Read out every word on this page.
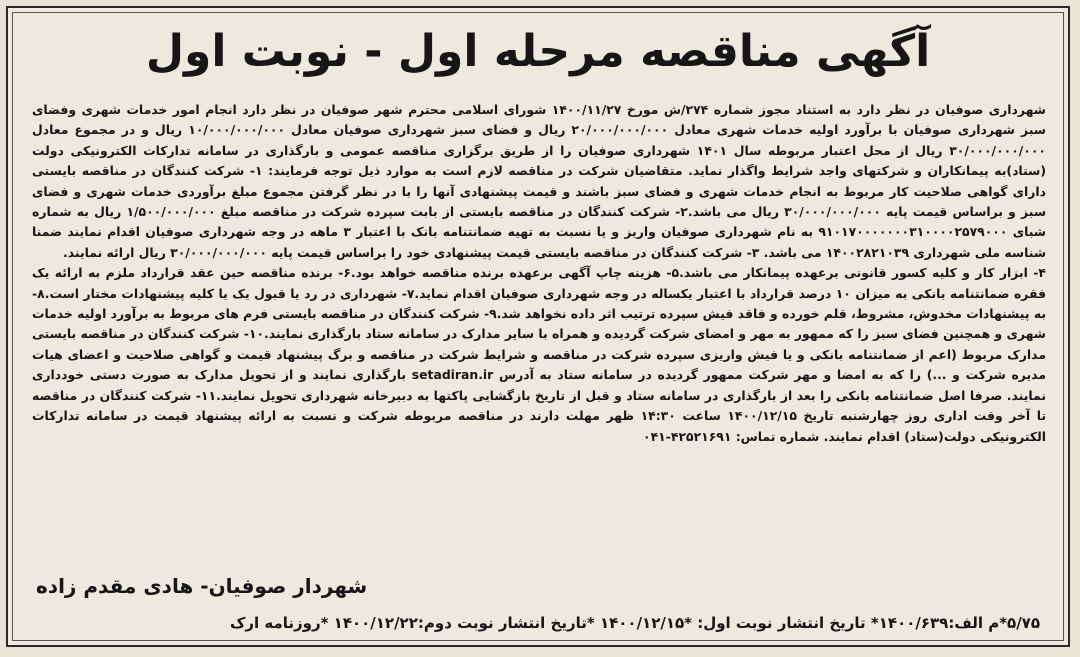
آگهی مناقصه مرحله اول - نوبت اول

شهرداری صوفیان در نظر دارد به استناد مجوز شماره ۲۷۴/ش مورخ ۱۴۰۰/۱۱/۲۷ شورای اسلامی محترم شهر صوفیان در نظر دارد انجام امور خدمات شهری وفضای سبز شهرداری صوفیان با برآورد اولیه خدمات شهری معادل ۲۰/۰۰۰/۰۰۰/۰۰۰ ریال و فضای سبز شهرداری صوفیان معادل ۱۰/۰۰۰/۰۰۰/۰۰۰ ریال و در مجموع معادل ۳۰/۰۰۰/۰۰۰/۰۰۰ ریال از محل اعتبار مربوطه سال ۱۴۰۱ شهرداری صوفیان را از طریق برگزاری مناقصه عمومی و بارگذاری در سامانه تدارکات الکترونیکی دولت (ستاد)به پیمانکاران و شرکتهای واجد شرایط واگذار نماید. متقاضیان شرکت در مناقصه لازم است به موارد ذیل توجه فرمایند: ۱- شرکت کنندگان در مناقصه بایستی دارای گواهی صلاحیت کار مربوط به انجام خدمات شهری و فضای سبز باشند و قیمت پیشنهادی آنها را با در نظر گرفتن مجموع مبلغ برآوردی خدمات شهری و فضای سبز و براساس قیمت پایه ۳۰/۰۰۰/۰۰۰/۰۰۰ ریال می باشد.۲- شرکت کنندگان در مناقصه بایستی از بابت سپرده شرکت در مناقصه مبلغ ۱/۵۰۰/۰۰۰/۰۰۰ ریال به شماره شبای ۹۱۰۱۷۰۰۰۰۰۰۰۳۱۰۰۰۰۲۵۷۹۰۰۰ به نام شهرداری صوفیان واریز و یا نسبت به تهیه ضمانتنامه بانک با اعتبار ۳ ماهه در وجه شهرداری صوفیان اقدام نمایند ضمنا شناسه ملی شهرداری ۱۴۰۰۲۸۲۱۰۳۹ می باشد. ۳- شرکت کنندگان در مناقصه بایستی قیمت پیشنهادی خود را براساس قیمت پایه ۳۰/۰۰۰/۰۰۰/۰۰۰ ریال ارائه نمایند.

۴- ابزار کار و کلیه کسور قانونی برعهده پیمانکار می باشد.۵- هزینه چاپ آگهی برعهده برنده مناقصه خواهد بود.۶- برنده مناقصه حین عقد قرارداد ملزم به ارائه یک فقره ضمانتنامه بانکی به میزان ۱۰ درصد قرارداد با اعتبار یکساله در وجه شهرداری صوفیان اقدام نماید.۷- شهرداری در رد یا قبول یک یا کلیه پیشنهادات مختار است.۸- به پیشنهادات مخدوش، مشروط، قلم خورده و فاقد فیش سپرده ترتیب اثر داده نخواهد شد.۹- شرکت کنندگان در مناقصه بایستی فرم های مربوط به برآورد اولیه خدمات شهری و همچنین فضای سبز را که ممهور به مهر و امضای شرکت گردیده و همراه با سایر مدارک در سامانه ستاد بارگذاری نمایند.۱۰- شرکت کنندگان در مناقصه بایستی مدارک مربوط (اعم از ضمانتنامه بانکی و یا فیش واریزی سپرده شرکت در مناقصه و شرایط شرکت در مناقصه و برگ پیشنهاد قیمت و گواهی صلاحیت و اعضای هیات مدیره شرکت و ...) را که به امضا و مهر شرکت ممهور گردیده در سامانه ستاد به آدرس setadiran.ir بارگذاری نمایند و از تحویل مدارک به صورت دستی خودداری نمایند. صرفا اصل ضمانتنامه بانکی را بعد از بارگذاری در سامانه ستاد و قبل از تاریخ بازگشایی پاکتها به دبیرخانه شهرداری تحویل نمایند.۱۱- شرکت کنندگان در مناقصه تا آخر وقت اداری روز چهارشنبه تاریخ ۱۴۰۰/۱۲/۱۵ ساعت ۱۴:۳۰ ظهر مهلت دارند در مناقصه مربوطه شرکت و نسبت به ارائه پیشنهاد قیمت در سامانه تدارکات الکترونیکی دولت(ستاد) اقدام نمایند. شماره تماس: ۴۲۵۲۱۶۹۱-۰۴۱

شهردار صوفیان- هادی مقدم زاده
۵/۷۵*م الف:۱۴۰۰/۶۳۹* تاریخ انتشار نوبت اول: *۱۴۰۰/۱۲/۱۵ *تاریخ انتشار نوبت دوم:۱۴۰۰/۱۲/۲۲ *روزنامه ارک
